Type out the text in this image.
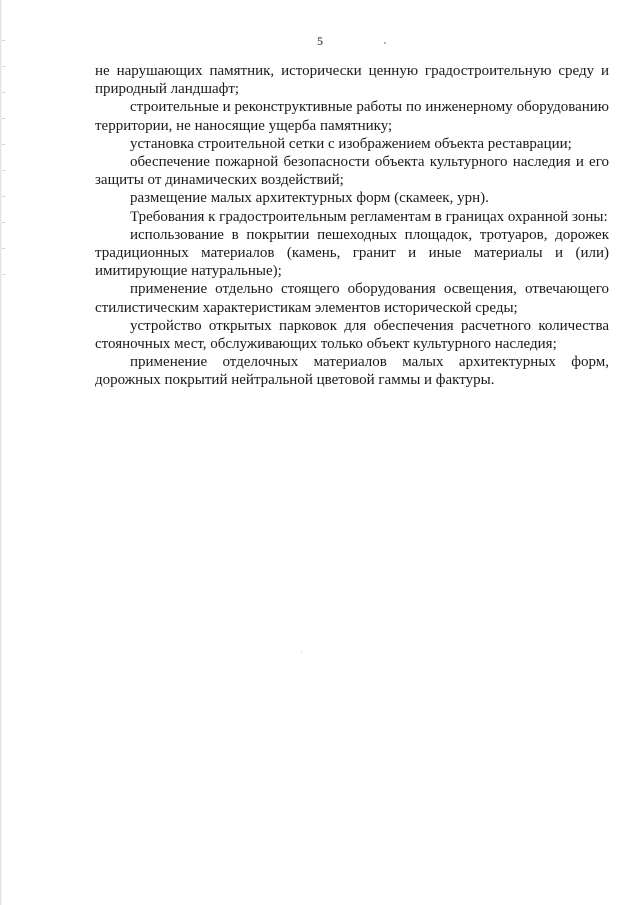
5

не нарушающих памятник, исторически ценную градостроительную среду и природный ландшафт;

строительные и реконструктивные работы по инженерному оборудованию территории, не наносящие ущерба памятнику;

установка строительной сетки с изображением объекта реставрации;

обеспечение пожарной безопасности объекта культурного наследия и его защиты от динамических воздействий;

размещение малых архитектурных форм (скамеек, урн).

Требования к градостроительным регламентам в границах охранной зоны:

использование в покрытии пешеходных площадок, тротуаров, дорожек традиционных материалов (камень, гранит и иные материалы и (или) имитирующие натуральные);

применение отдельно стоящего оборудования освещения, отвечающего стилистическим характеристикам элементов исторической среды;

устройство открытых парковок для обеспечения расчетного количества стояночных мест, обслуживающих только объект культурного наследия;

применение отделочных материалов малых архитектурных форм, дорожных покрытий нейтральной цветовой гаммы и фактуры.
